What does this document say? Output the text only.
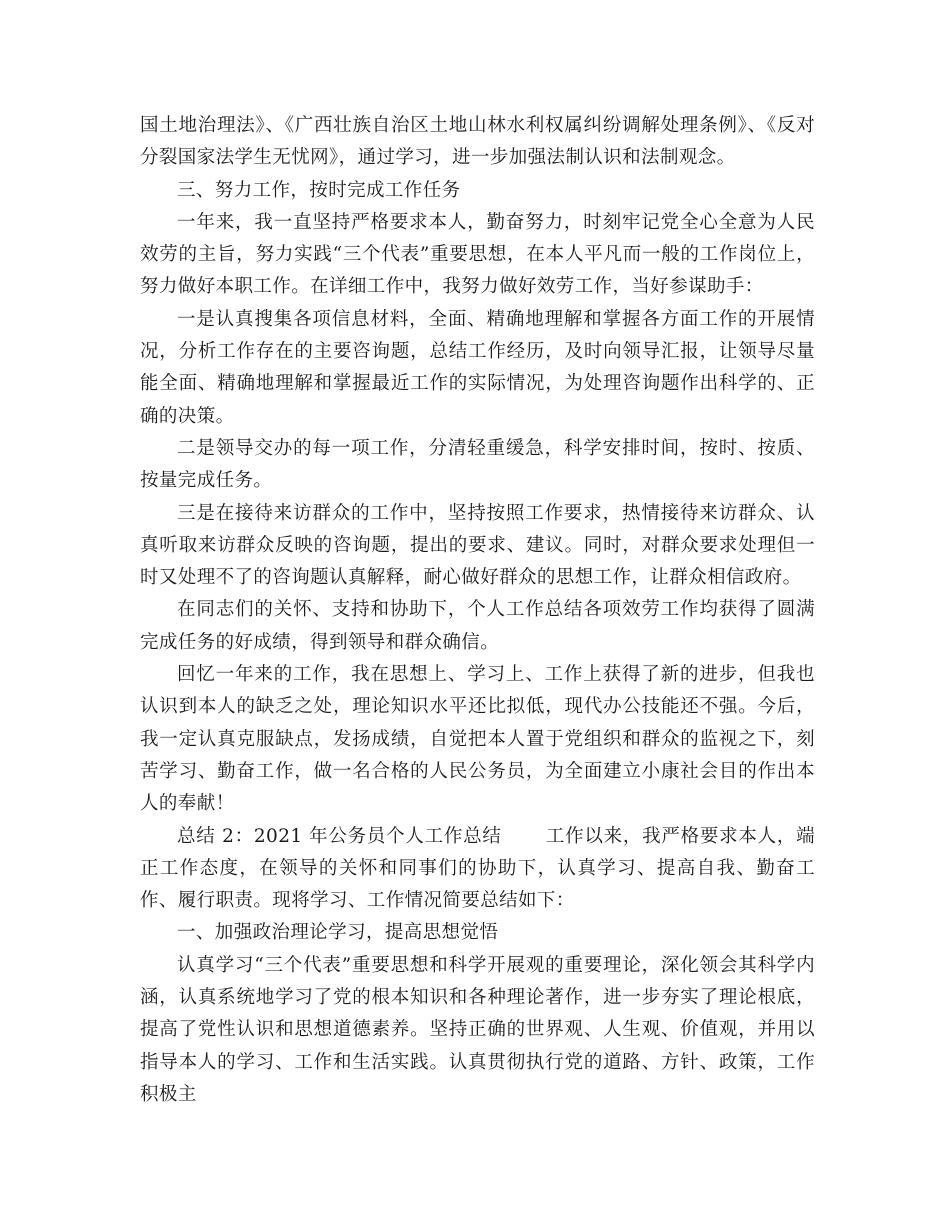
国土地治理法》、《广西壮族自治区土地山林水利权属纠纷调解处理条例》、《反对分裂国家法学生无忧网》，通过学习，进一步加强法制认识和法制观念。

三、努力工作，按时完成工作任务

一年来，我一直坚持严格要求本人，勤奋努力，时刻牢记党全心全意为人民效劳的主旨，努力实践“三个代表”重要思想，在本人平凡而一般的工作岗位上，努力做好本职工作。在详细工作中，我努力做好效劳工作，当好参谋助手：

一是认真搜集各项信息材料，全面、精确地理解和掌握各方面工作的开展情况，分析工作存在的主要咨询题，总结工作经历，及时向领导汇报，让领导尽量能全面、精确地理解和掌握最近工作的实际情况，为处理咨询题作出科学的、正确的决策。

二是领导交办的每一项工作，分清轻重缓急，科学安排时间，按时、按质、按量完成任务。

三是在接待来访群众的工作中，坚持按照工作要求，热情接待来访群众、认真听取来访群众反映的咨询题，提出的要求、建议。同时，对群众要求处理但一时又处理不了的咨询题认真解释，耐心做好群众的思想工作，让群众相信政府。

在同志们的关怀、支持和协助下，个人工作总结各项效劳工作均获得了圆满完成任务的好成绩，得到领导和群众确信。

回忆一年来的工作，我在思想上、学习上、工作上获得了新的进步，但我也认识到本人的缺乏之处，理论知识水平还比拟低，现代办公技能还不强。今后，我一定认真克服缺点，发扬成绩，自觉把本人置于党组织和群众的监视之下，刻苦学习、勤奋工作，做一名合格的人民公务员，为全面建立小康社会目的作出本人的奉献！

总结 2：2021 年公务员个人工作总结 工作以来，我严格要求本人，端正工作态度，在领导的关怀和同事们的协助下，认真学习、提高自我、勤奋工作、履行职责。现将学习、工作情况简要总结如下：

一、加强政治理论学习，提高思想觉悟

认真学习“三个代表”重要思想和科学开展观的重要理论，深化领会其科学内涵，认真系统地学习了党的根本知识和各种理论著作，进一步夯实了理论根底，提高了党性认识和思想道德素养。坚持正确的世界观、人生观、价值观，并用以指导本人的学习、工作和生活实践。认真贯彻执行党的道路、方针、政策，工作积极主
